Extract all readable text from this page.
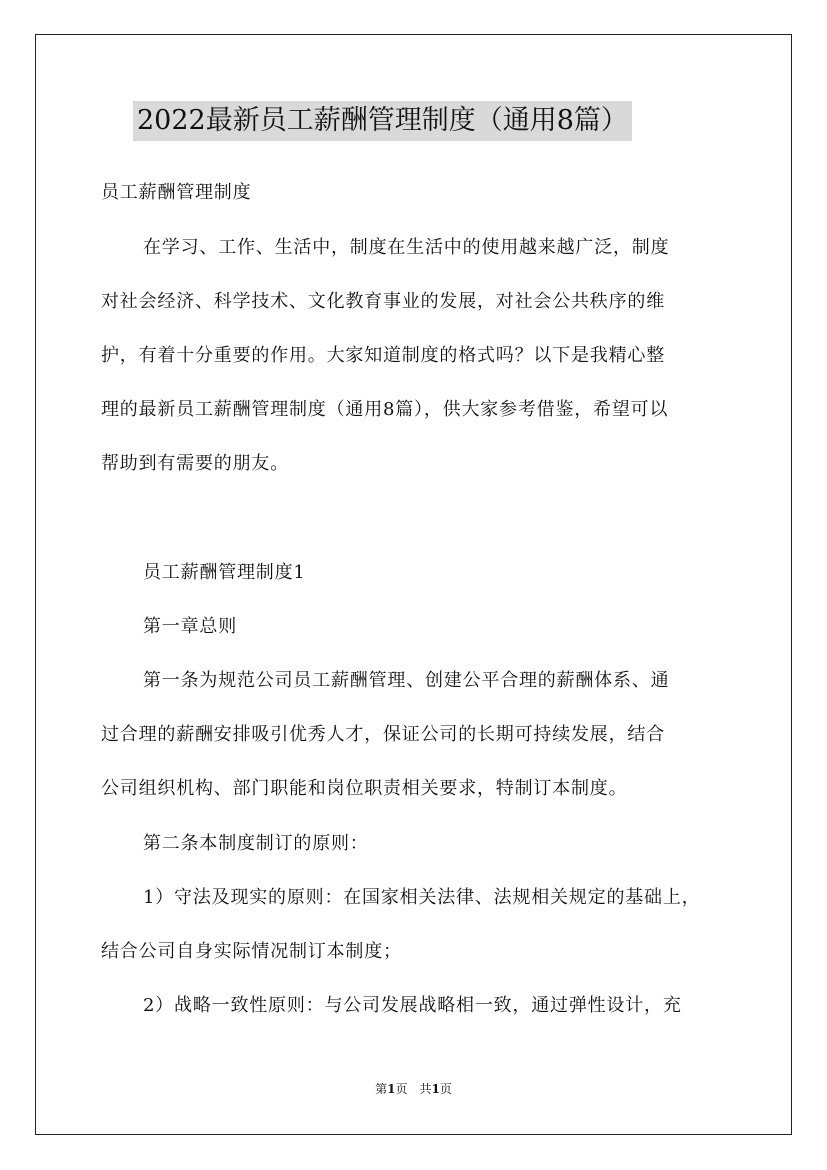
2022最新员工薪酬管理制度（通用8篇）
员工薪酬管理制度
在学习、工作、生活中，制度在生活中的使用越来越广泛，制度
对社会经济、科学技术、文化教育事业的发展，对社会公共秩序的维
护，有着十分重要的作用。大家知道制度的格式吗？以下是我精心整
理的最新员工薪酬管理制度（通用8篇），供大家参考借鉴，希望可以
帮助到有需要的朋友。
员工薪酬管理制度1
第一章总则
第一条为规范公司员工薪酬管理、创建公平合理的薪酬体系、通
过合理的薪酬安排吸引优秀人才，保证公司的长期可持续发展，结合
公司组织机构、部门职能和岗位职责相关要求，特制订本制度。
第二条本制度制订的原则：
1）守法及现实的原则：在国家相关法律、法规相关规定的基础上，
结合公司自身实际情况制订本制度；
2）战略一致性原则：与公司发展战略相一致，通过弹性设计，充
第1页　共1页
